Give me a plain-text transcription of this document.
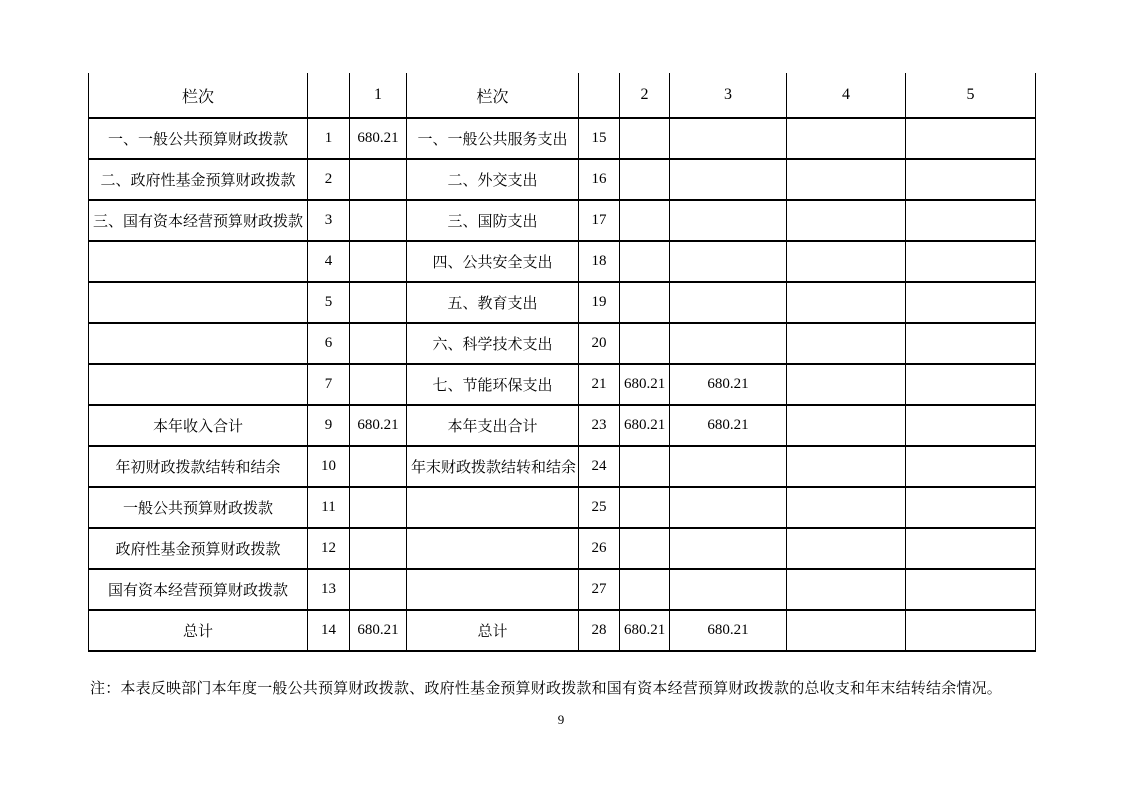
栏次		1	栏次		2	3	4	5
一、一般公共预算财政拨款	1	680.21	一、一般公共服务支出	15				
二、政府性基金预算财政拨款	2		二、外交支出	16				
三、国有资本经营预算财政拨款	3		三、国防支出	17				
	4		四、公共安全支出	18				
	5		五、教育支出	19				
	6		六、科学技术支出	20				
	7		七、节能环保支出	21	680.21	680.21		
本年收入合计	9	680.21	本年支出合计	23	680.21	680.21		
年初财政拨款结转和结余	10		年末财政拨款结转和结余	24				
一般公共预算财政拨款	11			25				
政府性基金预算财政拨款	12			26				
国有资本经营预算财政拨款	13			27				
总计	14	680.21	总计	28	680.21	680.21		
注：本表反映部门本年度一般公共预算财政拨款、政府性基金预算财政拨款和国有资本经营预算财政拨款的总收支和年末结转结余情况。
9
